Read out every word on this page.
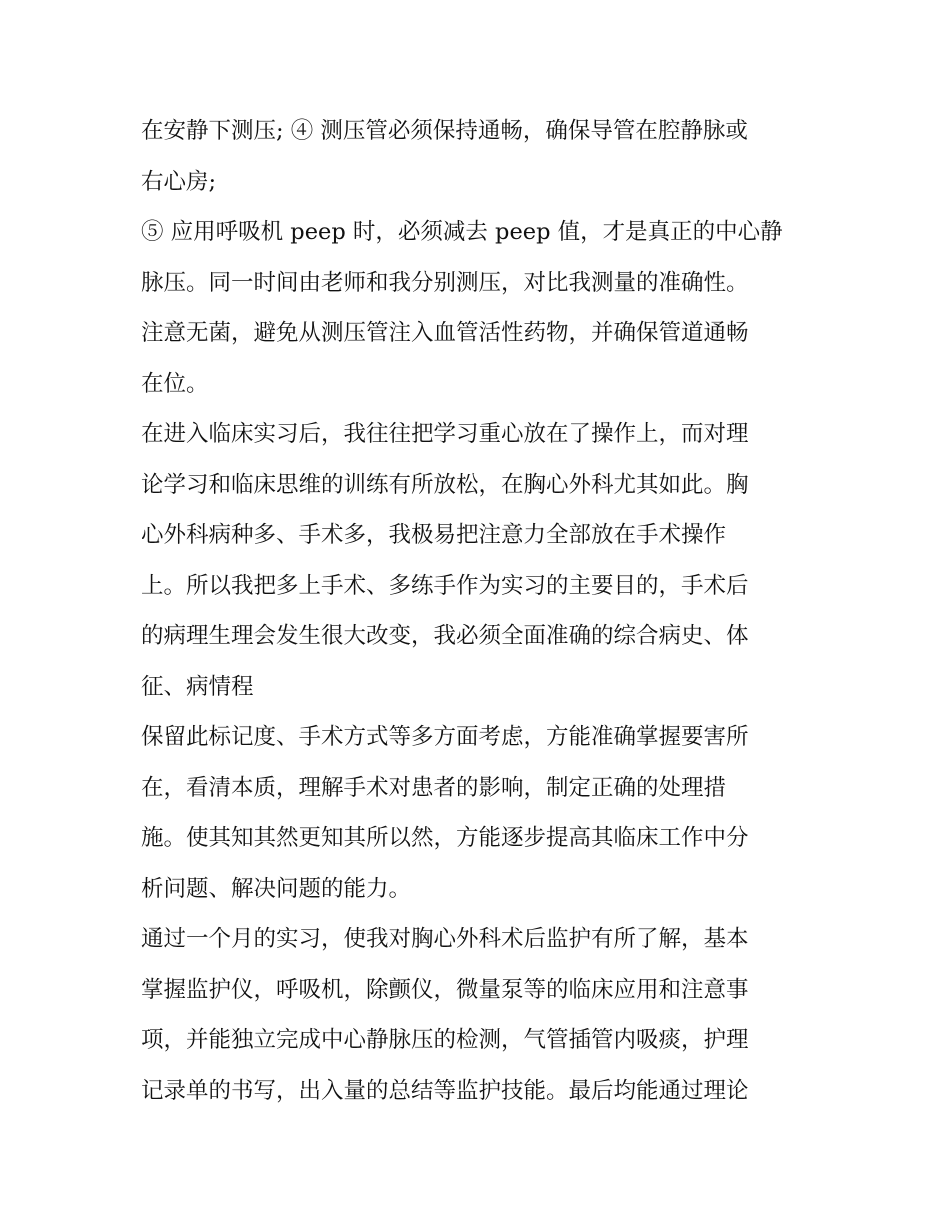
在安静下测压; ④ 测压管必须保持通畅，确保导管在腔静脉或
右心房;
⑤ 应用呼吸机 peep 时，必须减去 peep 值，才是真正的中心静
脉压。同一时间由老师和我分别测压，对比我测量的准确性。
注意无菌，避免从测压管注入血管活性药物，并确保管道通畅
在位。
在进入临床实习后，我往往把学习重心放在了操作上，而对理
论学习和临床思维的训练有所放松，在胸心外科尤其如此。胸
心外科病种多、手术多，我极易把注意力全部放在手术操作
上。所以我把多上手术、多练手作为实习的主要目的，手术后
的病理生理会发生很大改变，我必须全面准确的综合病史、体
征、病情程
保留此标记度、手术方式等多方面考虑，方能准确掌握要害所
在，看清本质，理解手术对患者的影响，制定正确的处理措
施。使其知其然更知其所以然，方能逐步提高其临床工作中分
析问题、解决问题的能力。
通过一个月的实习，使我对胸心外科术后监护有所了解，基本
掌握监护仪，呼吸机，除颤仪，微量泵等的临床应用和注意事
项，并能独立完成中心静脉压的检测，气管插管内吸痰，护理
记录单的书写，出入量的总结等监护技能。最后均能通过理论
